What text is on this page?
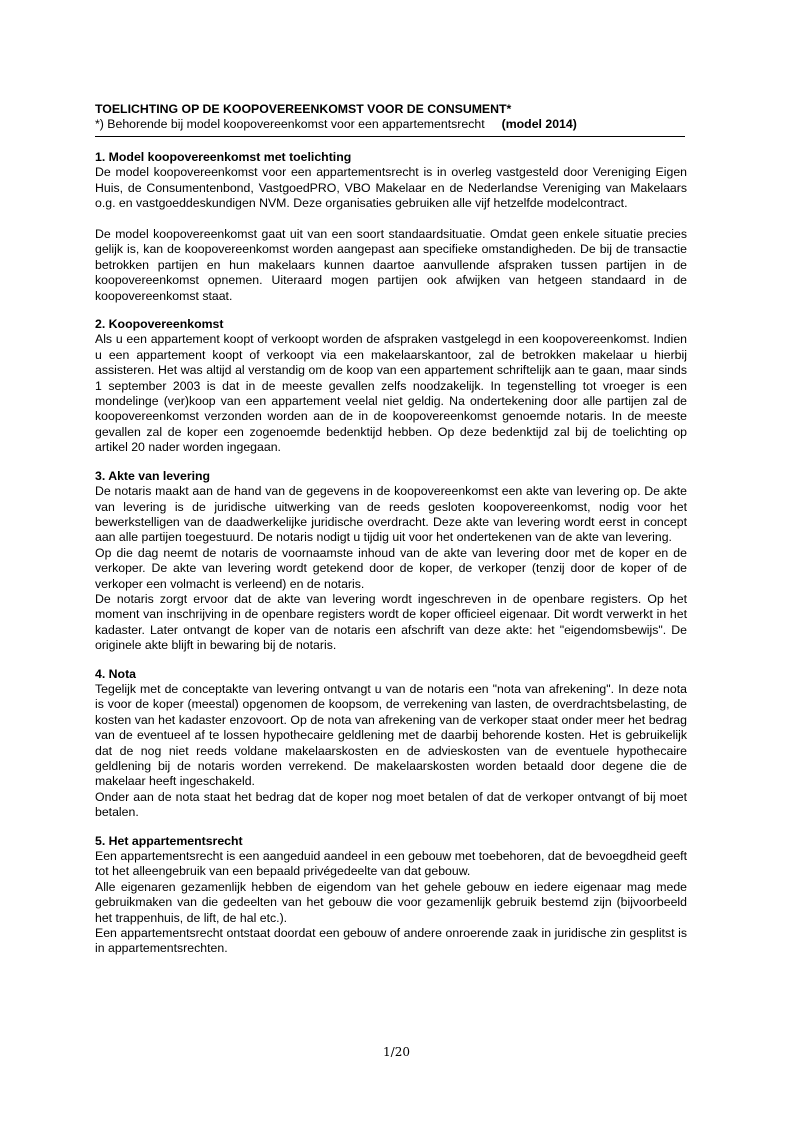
TOELICHTING OP DE KOOPOVEREENKOMST VOOR DE CONSUMENT*

*) Behorende bij model koopovereenkomst voor een appartementsrecht (model 2014)

1. Model koopovereenkomst met toelichting

De model koopovereenkomst voor een appartementsrecht is in overleg vastgesteld door Vereniging Eigen Huis, de Consumentenbond, VastgoedPRO, VBO Makelaar en de Nederlandse Vereniging van Makelaars o.g. en vastgoeddeskundigen NVM. Deze organisaties gebruiken alle vijf hetzelfde modelcontract.

De model koopovereenkomst gaat uit van een soort standaardsituatie. Omdat geen enkele situatie precies gelijk is, kan de koopovereenkomst worden aangepast aan specifieke omstandigheden. De bij de transactie betrokken partijen en hun makelaars kunnen daartoe aanvullende afspraken tussen partijen in de koopovereenkomst opnemen. Uiteraard mogen partijen ook afwijken van hetgeen standaard in de koopovereenkomst staat.

2. Koopovereenkomst

Als u een appartement koopt of verkoopt worden de afspraken vastgelegd in een koopovereenkomst. Indien u een appartement koopt of verkoopt via een makelaarskantoor, zal de betrokken makelaar u hierbij assisteren. Het was altijd al verstandig om de koop van een appartement schriftelijk aan te gaan, maar sinds 1 september 2003 is dat in de meeste gevallen zelfs noodzakelijk. In tegenstelling tot vroeger is een mondelinge (ver)koop van een appartement veelal niet geldig. Na ondertekening door alle partijen zal de koopovereenkomst verzonden worden aan de in de koopovereenkomst genoemde notaris. In de meeste gevallen zal de koper een zogenoemde bedenktijd hebben. Op deze bedenktijd zal bij de toelichting op artikel 20 nader worden ingegaan.

3. Akte van levering

De notaris maakt aan de hand van de gegevens in de koopovereenkomst een akte van levering op. De akte van levering is de juridische uitwerking van de reeds gesloten koopovereenkomst, nodig voor het bewerkstelligen van de daadwerkelijke juridische overdracht. Deze akte van levering wordt eerst in concept aan alle partijen toegestuurd. De notaris nodigt u tijdig uit voor het ondertekenen van de akte van levering.

Op die dag neemt de notaris de voornaamste inhoud van de akte van levering door met de koper en de verkoper. De akte van levering wordt getekend door de koper, de verkoper (tenzij door de koper of de verkoper een volmacht is verleend) en de notaris.

De notaris zorgt ervoor dat de akte van levering wordt ingeschreven in de openbare registers. Op het moment van inschrijving in de openbare registers wordt de koper officieel eigenaar. Dit wordt verwerkt in het kadaster. Later ontvangt de koper van de notaris een afschrift van deze akte: het "eigendomsbewijs". De originele akte blijft in bewaring bij de notaris.

4. Nota

Tegelijk met de conceptakte van levering ontvangt u van de notaris een "nota van afrekening". In deze nota is voor de koper (meestal) opgenomen de koopsom, de verrekening van lasten, de overdrachtsbelasting, de kosten van het kadaster enzovoort. Op de nota van afrekening van de verkoper staat onder meer het bedrag van de eventueel af te lossen hypothecaire geldlening met de daarbij behorende kosten. Het is gebruikelijk dat de nog niet reeds voldane makelaarskosten en de advieskosten van de eventuele hypothecaire geldlening bij de notaris worden verrekend. De makelaarskosten worden betaald door degene die de makelaar heeft ingeschakeld.

Onder aan de nota staat het bedrag dat de koper nog moet betalen of dat de verkoper ontvangt of bij moet betalen.

5. Het appartementsrecht

Een appartementsrecht is een aangeduid aandeel in een gebouw met toebehoren, dat de bevoegdheid geeft tot het alleengebruik van een bepaald privégedeelte van dat gebouw.

Alle eigenaren gezamenlijk hebben de eigendom van het gehele gebouw en iedere eigenaar mag mede gebruikmaken van die gedeelten van het gebouw die voor gezamenlijk gebruik bestemd zijn (bijvoorbeeld het trappenhuis, de lift, de hal etc.).

Een appartementsrecht ontstaat doordat een gebouw of andere onroerende zaak in juridische zin gesplitst is in appartementsrechten.

1/20
